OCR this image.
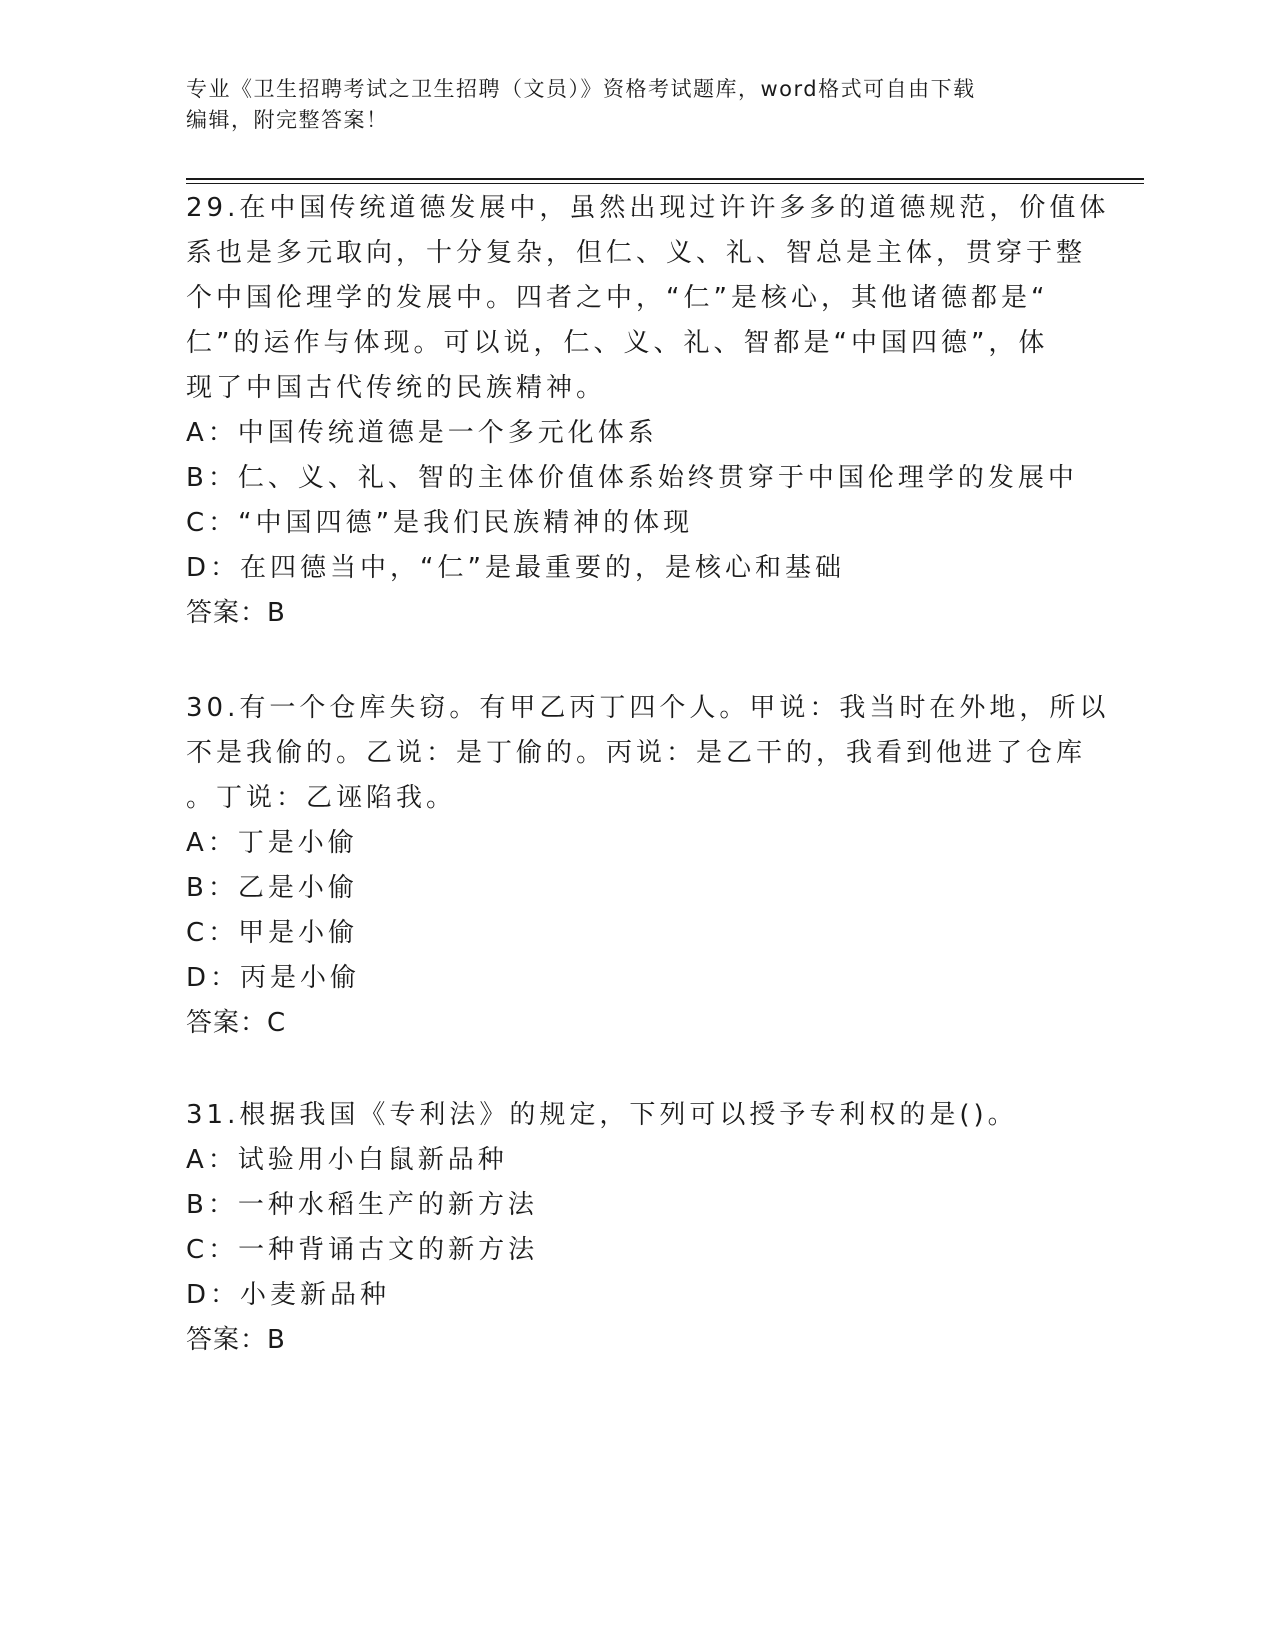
专业《卫生招聘考试之卫生招聘（文员）》资格考试题库，word格式可自由下载
编辑，附完整答案！
29.在中国传统道德发展中，虽然出现过许许多多的道德规范，价值体
系也是多元取向，十分复杂，但仁、义、礼、智总是主体，贯穿于整
个中国伦理学的发展中。四者之中，“仁”是核心，其他诸德都是“
仁”的运作与体现。可以说，仁、义、礼、智都是“中国四德”，体
现了中国古代传统的民族精神。
A：中国传统道德是一个多元化体系
B：仁、义、礼、智的主体价值体系始终贯穿于中国伦理学的发展中
C：“中国四德”是我们民族精神的体现
D：在四德当中，“仁”是最重要的，是核心和基础
答案：B
30.有一个仓库失窃。有甲乙丙丁四个人。甲说：我当时在外地，所以
不是我偷的。乙说：是丁偷的。丙说：是乙干的，我看到他进了仓库
。丁说：乙诬陷我。
A：丁是小偷
B：乙是小偷
C：甲是小偷
D：丙是小偷
答案：C
31.根据我国《专利法》的规定，下列可以授予专利权的是()。
A：试验用小白鼠新品种
B：一种水稻生产的新方法
C：一种背诵古文的新方法
D：小麦新品种
答案：B
